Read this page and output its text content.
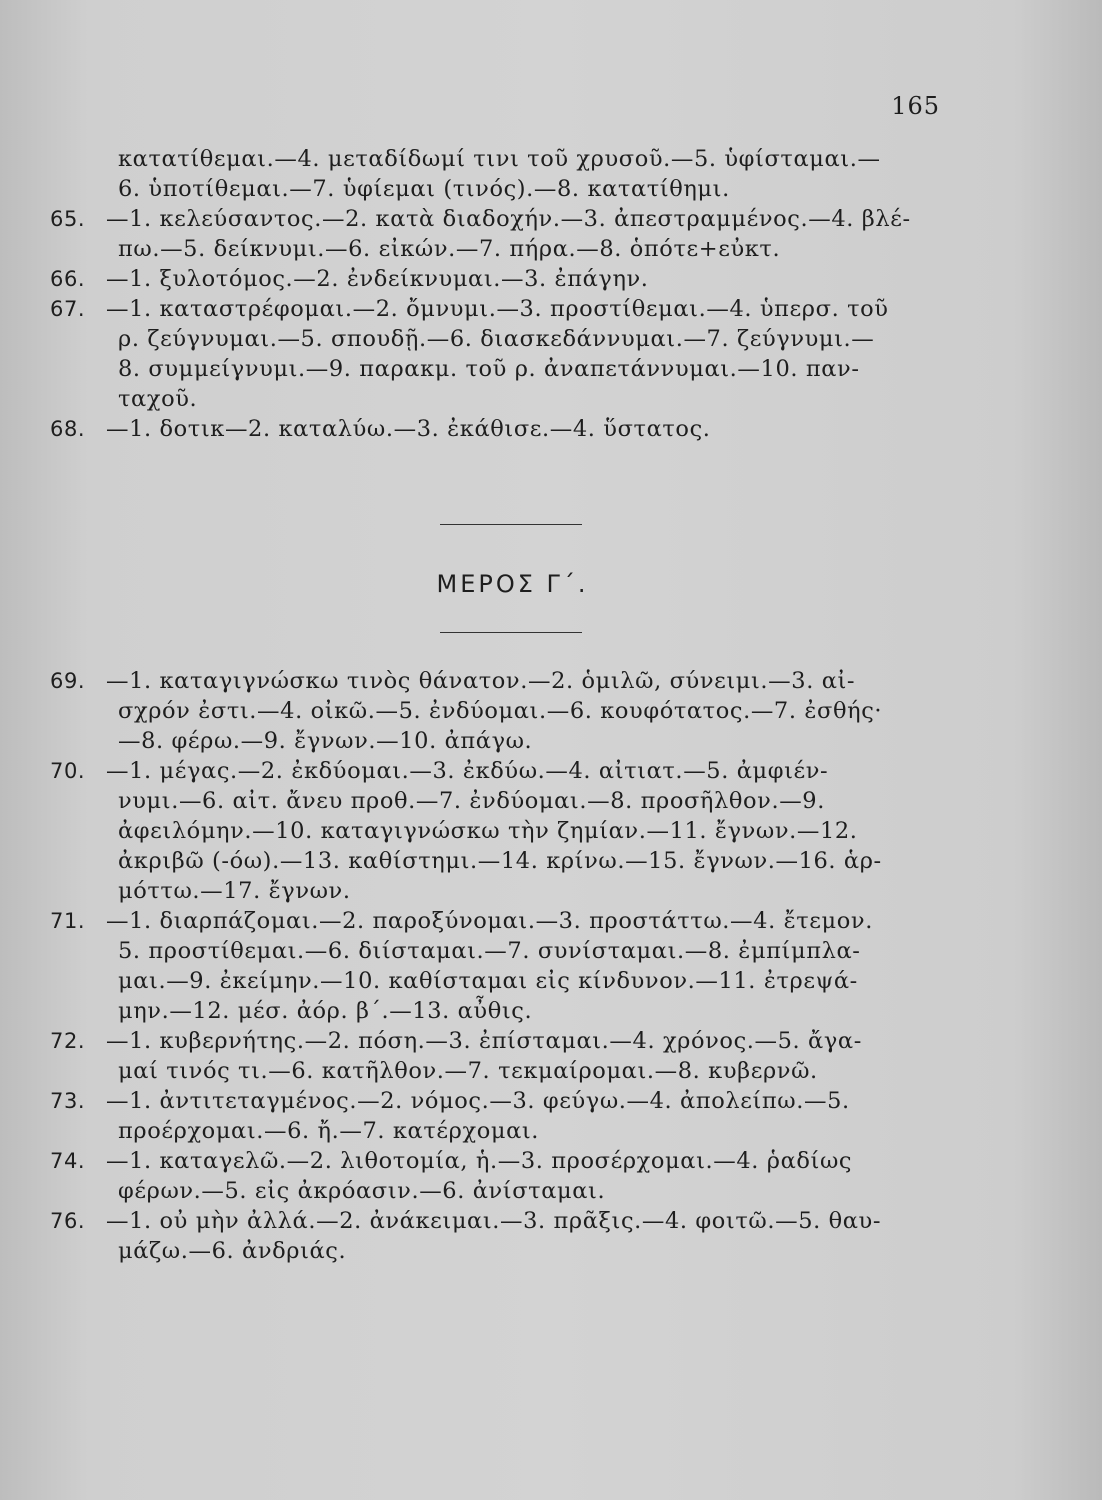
165
κατατίθεμαι.—4. μεταδίδωμί τινι τοῦ χρυσοῦ.—5. ὑφίσταμαι.—
6. ὑποτίθεμαι.—7. ὑφίεμαι (τινός).—8. κατατίθημι.
65. —1. κελεύσαντος.—2. κατὰ διαδοχήν.—3. ἀπεστραμμένος.—4. βλέ-
πω.—5. δείκνυμι.—6. εἰκών.—7. πήρα.—8. ὁπότε+εὐκτ.
66. —1. ξυλοτόμος.—2. ἐνδείκνυμαι.—3. ἐπάγην.
67. —1. καταστρέφομαι.—2. ὄμνυμι.—3. προστίθεμαι.—4. ὑπερσ. τοῦ
ρ. ζεύγνυμαι.—5. σπουδῇ.—6. διασκεδάννυμαι.—7. ζεύγνυμι.—
8. συμμείγνυμι.—9. παρακμ. τοῦ ρ. ἀναπετάννυμαι.—10. παν-
ταχοῦ.
68. —1. δοτικ—2. καταλύω.—3. ἐκάθισε.—4. ὕστατος.
ΜΕΡΟΣ Γ΄.
69. —1. καταγιγνώσκω τινὸς θάνατον.—2. ὁμιλῶ, σύνειμι.—3. αἰ-
σχρόν ἐστι.—4. οἰκῶ.—5. ἐνδύομαι.—6. κουφότατος.—7. ἐσθής·
—8. φέρω.—9. ἔγνων.—10. ἀπάγω.
70. —1. μέγας.—2. ἐκδύομαι.—3. ἐκδύω.—4. αἰτιατ.—5. ἀμφιέν-
νυμι.—6. αἰτ. ἄνευ προθ.—7. ἐνδύομαι.—8. προσῆλθον.—9.
ἀφειλόμην.—10. καταγιγνώσκω τὴν ζημίαν.—11. ἔγνων.—12.
ἀκριβῶ (-όω).—13. καθίστημι.—14. κρίνω.—15. ἔγνων.—16. ἁρ-
μόττω.—17. ἔγνων.
71. —1. διαρπάζομαι.—2. παροξύνομαι.—3. προστάττω.—4. ἔτεμον.
5. προστίθεμαι.—6. διίσταμαι.—7. συνίσταμαι.—8. ἐμπίμπλα-
μαι.—9. ἐκείμην.—10. καθίσταμαι εἰς κίνδυνον.—11. ἐτρεψά-
μην.—12. μέσ. ἀόρ. β΄.—13. αὖθις.
72. —1. κυβερνήτης.—2. πόση.—3. ἐπίσταμαι.—4. χρόνος.—5. ἄγα-
μαί τινός τι.—6. κατῆλθον.—7. τεκμαίρομαι.—8. κυβερνῶ.
73. —1. ἀντιτεταγμένος.—2. νόμος.—3. φεύγω.—4. ἀπολείπω.—5.
προέρχομαι.—6. ἤ.—7. κατέρχομαι.
74. —1. καταγελῶ.—2. λιθοτομία, ἡ.—3. προσέρχομαι.—4. ῥαδίως
φέρων.—5. εἰς ἀκρόασιν.—6. ἀνίσταμαι.
76. —1. οὐ μὴν ἀλλά.—2. ἀνάκειμαι.—3. πρᾶξις.—4. φοιτῶ.—5. θαυ-
μάζω.—6. ἀνδριάς.
